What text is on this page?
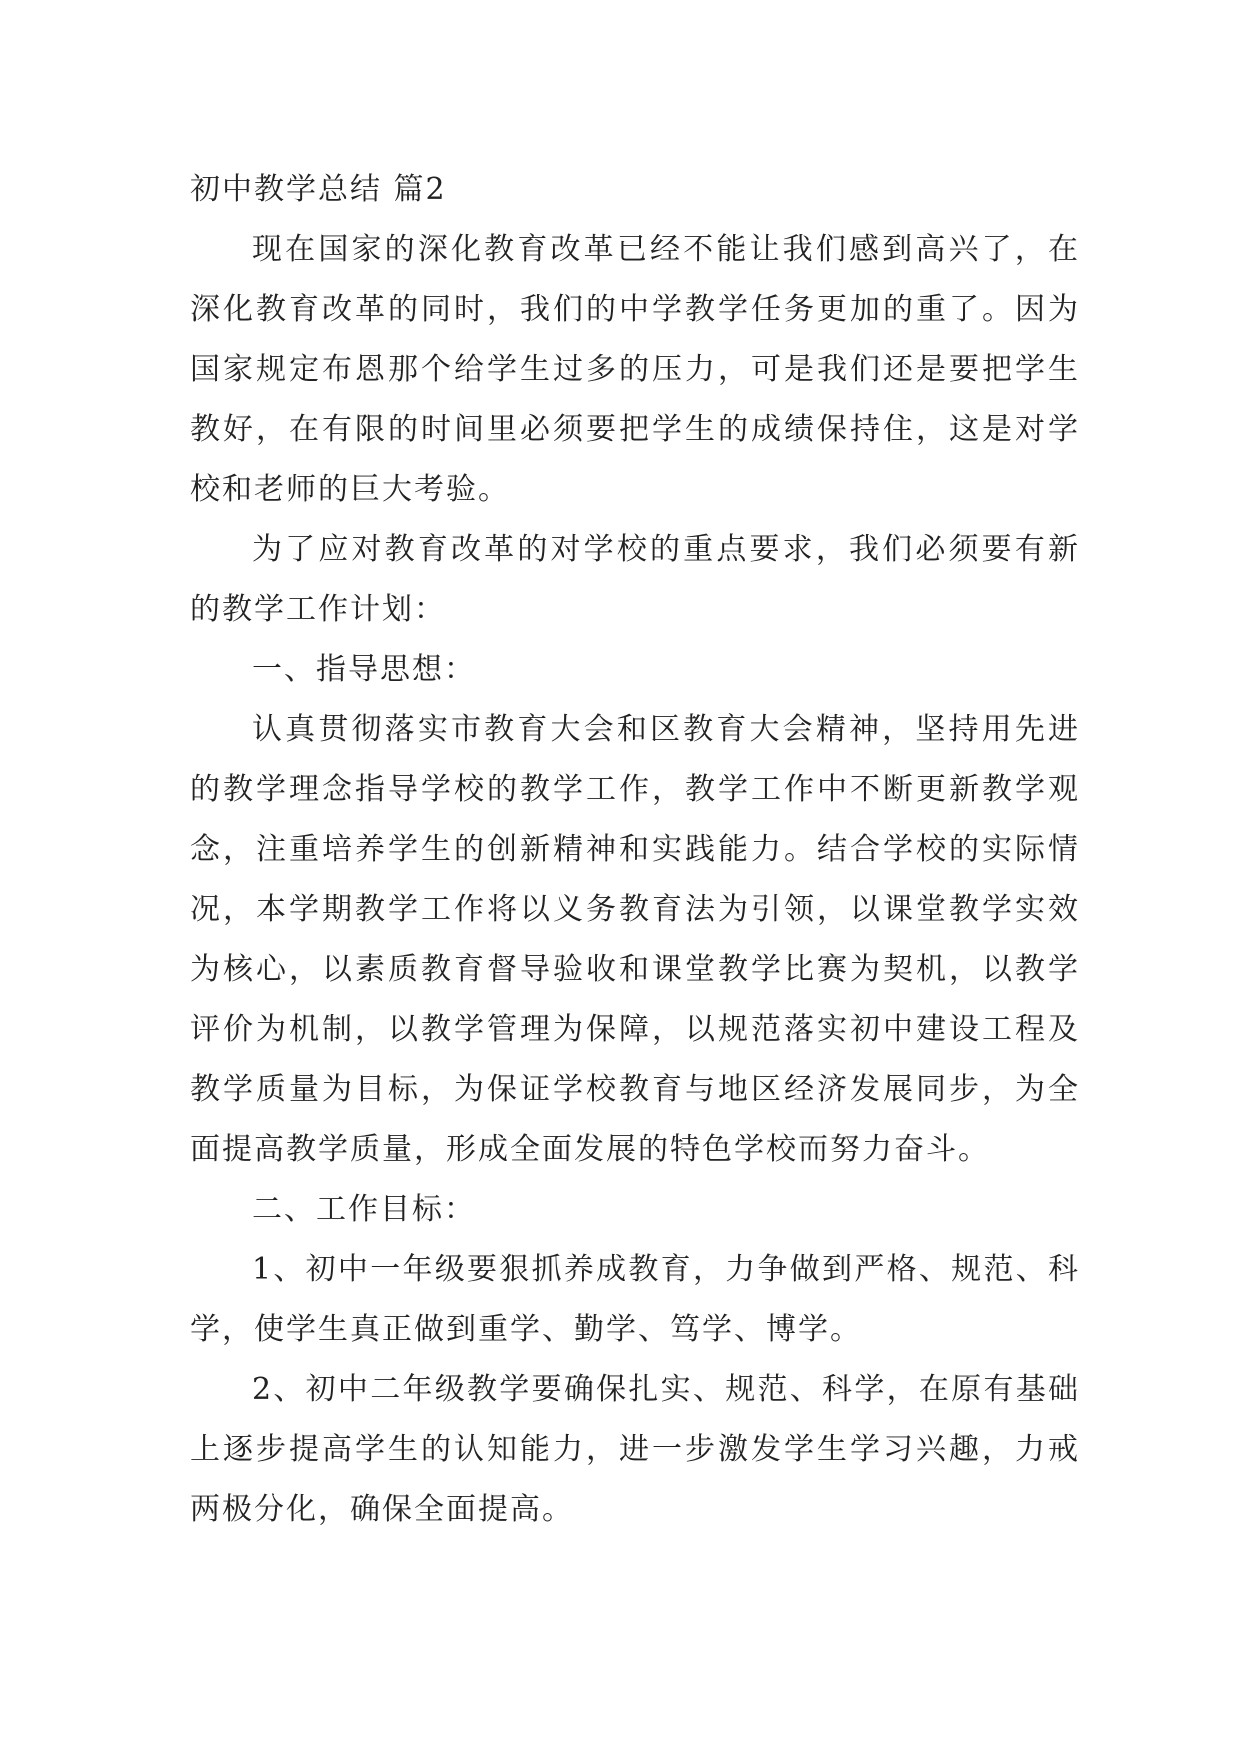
初中教学总结 篇2

现在国家的深化教育改革已经不能让我们感到高兴了，在深化教育改革的同时，我们的中学教学任务更加的重了。因为国家规定布恩那个给学生过多的压力，可是我们还是要把学生教好，在有限的时间里必须要把学生的成绩保持住，这是对学校和老师的巨大考验。

为了应对教育改革的对学校的重点要求，我们必须要有新的教学工作计划：

一、指导思想：

认真贯彻落实市教育大会和区教育大会精神，坚持用先进的教学理念指导学校的教学工作，教学工作中不断更新教学观念，注重培养学生的创新精神和实践能力。结合学校的实际情况，本学期教学工作将以义务教育法为引领，以课堂教学实效为核心，以素质教育督导验收和课堂教学比赛为契机，以教学评价为机制，以教学管理为保障，以规范落实初中建设工程及教学质量为目标，为保证学校教育与地区经济发展同步，为全面提高教学质量，形成全面发展的特色学校而努力奋斗。

二、工作目标：

1、初中一年级要狠抓养成教育，力争做到严格、规范、科学，使学生真正做到重学、勤学、笃学、博学。

2、初中二年级教学要确保扎实、规范、科学，在原有基础上逐步提高学生的认知能力，进一步激发学生学习兴趣，力戒两极分化，确保全面提高。
